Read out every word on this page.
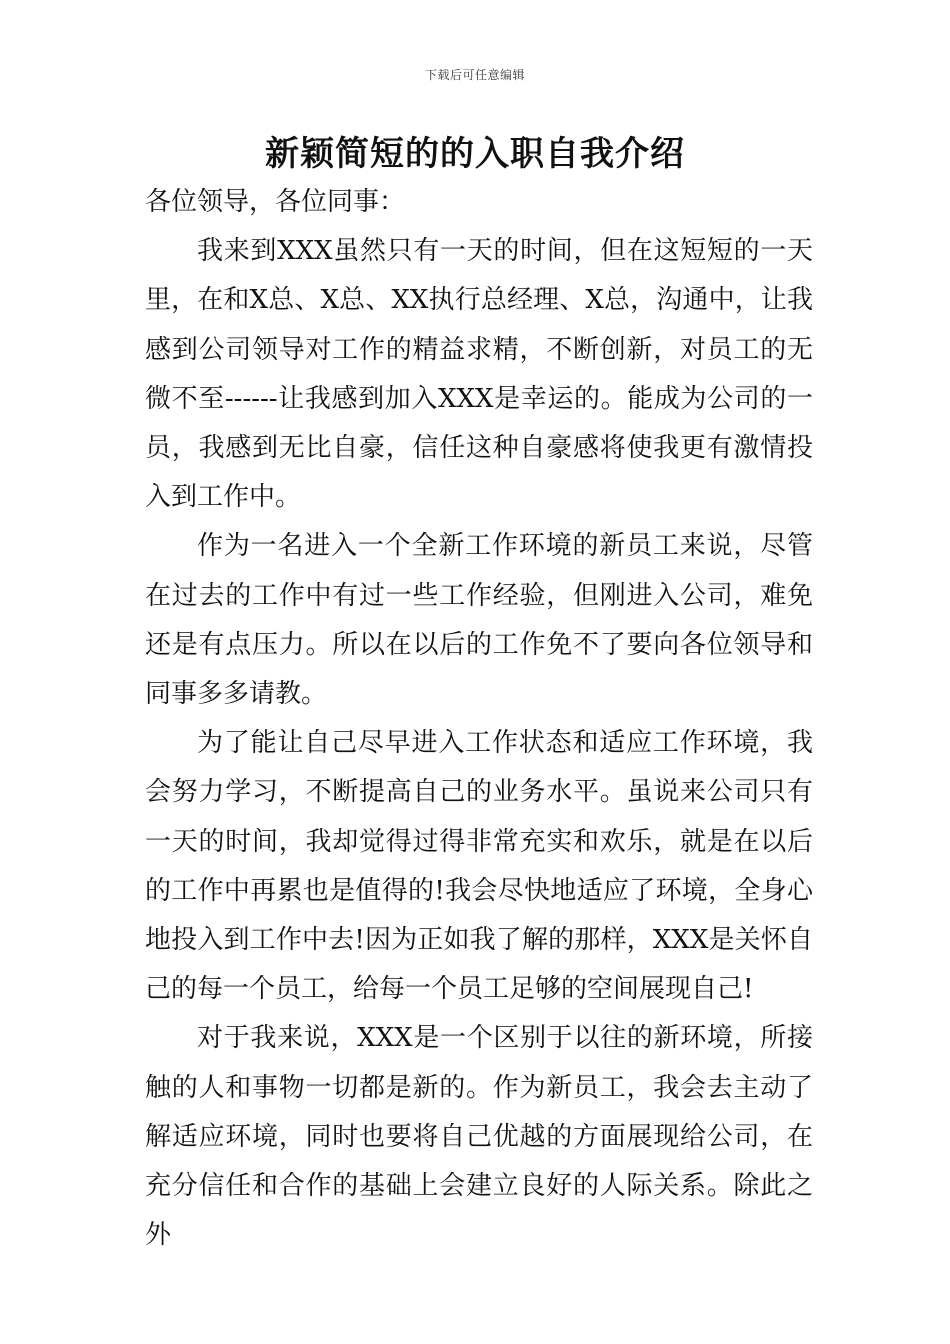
下载后可任意编辑
新颖简短的的入职自我介绍

各位领导，各位同事：

我来到XXX虽然只有一天的时间，但在这短短的一天里，在和X总、X总、XX执行总经理、X总，沟通中，让我感到公司领导对工作的精益求精，不断创新，对员工的无微不至------让我感到加入XXX是幸运的。能成为公司的一员，我感到无比自豪，信任这种自豪感将使我更有激情投入到工作中。

作为一名进入一个全新工作环境的新员工来说，尽管在过去的工作中有过一些工作经验，但刚进入公司，难免还是有点压力。所以在以后的工作免不了要向各位领导和同事多多请教。

为了能让自己尽早进入工作状态和适应工作环境，我会努力学习，不断提高自己的业务水平。虽说来公司只有一天的时间，我却觉得过得非常充实和欢乐，就是在以后的工作中再累也是值得的!我会尽快地适应了环境，全身心地投入到工作中去!因为正如我了解的那样，XXX是关怀自己的每一个员工，给每一个员工足够的空间展现自己!

对于我来说，XXX是一个区别于以往的新环境，所接触的人和事物一切都是新的。作为新员工，我会去主动了解适应环境，同时也要将自己优越的方面展现给公司，在充分信任和合作的基础上会建立良好的人际关系。除此之外
